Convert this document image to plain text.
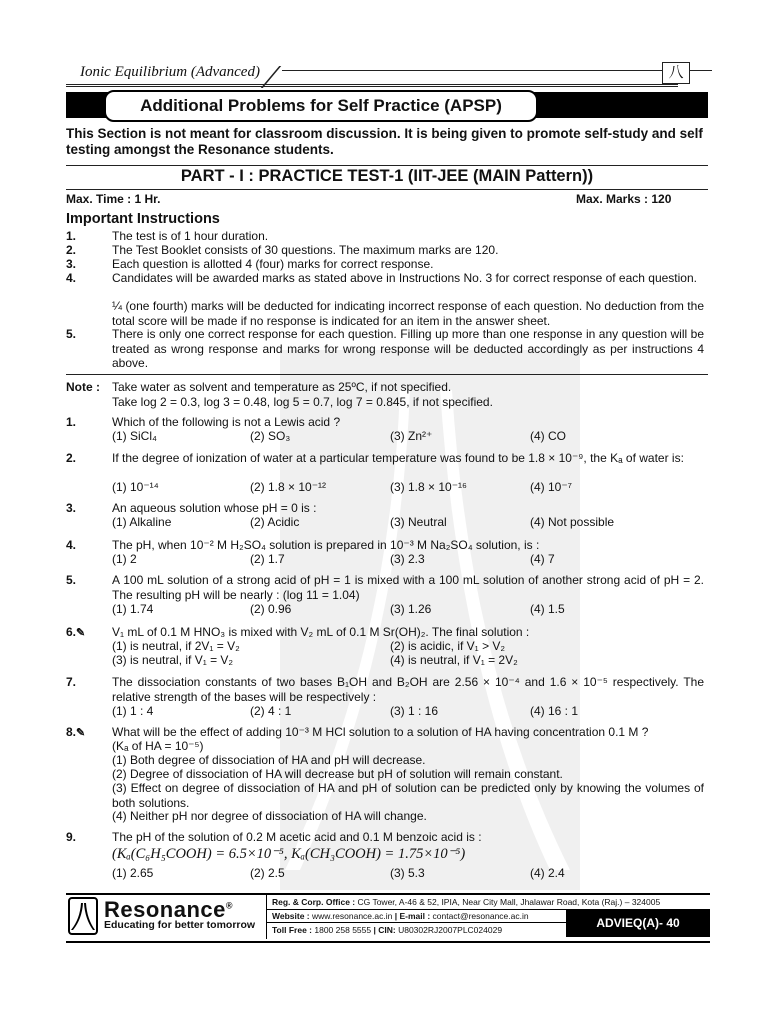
Ionic Equilibrium (Advanced)	八
Additional Problems for Self Practice (APSP)
This Section is not meant for classroom discussion. It is being given to promote self-study and self testing amongst the Resonance students.
PART - I : PRACTICE TEST-1 (IIT-JEE (MAIN Pattern))
Max. Time : 1 Hr.	Max. Marks : 120
Important Instructions
1.	The test is of 1 hour duration.
2.	The Test Booklet consists of 30 questions. The maximum marks are 120.
3.	Each question is allotted 4 (four) marks for correct response.
4.	Candidates will be awarded marks as stated above in Instructions No. 3 for correct response of each question.
¼ (one fourth) marks will be deducted for indicating incorrect response of each question. No deduction from the total score will be made if no response is indicated for an item in the answer sheet.
5.	There is only one correct response for each question. Filling up more than one response in any question will be treated as wrong response and marks for wrong response will be deducted accordingly as per instructions 4 above.
Note : Take water as solvent and temperature as 25ºC, if not specified.
Take log 2 = 0.3, log 3 = 0.48, log 5 = 0.7, log 7 = 0.845, if not specified.
1.	Which of the following is not a Lewis acid ?
(1) SiCl₄	(2) SO₃	(3) Zn²⁺	(4) CO
2.	If the degree of ionization of water at a particular temperature was found to be 1.8 × 10⁻⁹, the Kₐ of water is:
(1) 10⁻¹⁴	(2) 1.8 × 10⁻¹²	(3) 1.8 × 10⁻¹⁶	(4) 10⁻⁷
3.	An aqueous solution whose pH = 0 is :
(1) Alkaline	(2) Acidic	(3) Neutral	(4) Not possible
4.	The pH, when 10⁻² M H₂SO₄ solution is prepared in 10⁻³ M Na₂SO₄ solution, is :
(1) 2	(2) 1.7	(3) 2.3	(4) 7
5.	A 100 mL solution of a strong acid of pH = 1 is mixed with a 100 mL solution of another strong acid of pH = 2. The resulting pH will be nearly : (log 11 = 1.04)
(1) 1.74	(2) 0.96	(3) 1.26	(4) 1.5
6.✎ V₁ mL of 0.1 M HNO₃ is mixed with V₂ mL of 0.1 M Sr(OH)₂. The final solution :
(1) is neutral, if 2V₁ = V₂	(2) is acidic, if V₁ > V₂
(3) is neutral, if V₁ = V₂	(4) is neutral, if V₁ = 2V₂
7.	The dissociation constants of two bases B₁OH and B₂OH are 2.56 × 10⁻⁴ and 1.6 × 10⁻⁵ respectively. The relative strength of the bases will be respectively :
(1) 1 : 4	(2) 4 : 1	(3) 1 : 16	(4) 16 : 1
8.✎ What will be the effect of adding 10⁻³ M HCl solution to a solution of HA having concentration 0.1 M ?
(Kₐ of HA = 10⁻⁵)
(1) Both degree of dissociation of HA and pH will decrease.
(2) Degree of dissociation of HA will decrease but pH of solution will remain constant.
(3) Effect on degree of dissociation of HA and pH of solution can be predicted only by knowing the volumes of both solutions.
(4) Neither pH nor degree of dissociation of HA will change.
9.	The pH of the solution of 0.2 M acetic acid and 0.1 M benzoic acid is :
(Kₐ(C₆H₅COOH) = 6.5×10⁻⁵, Kₐ(CH₃COOH) = 1.75×10⁻⁵)
(1) 2.65	(2) 2.5	(3) 5.3	(4) 2.4
Resonance®
Educating for better tomorrow
Reg. & Corp. Office : CG Tower, A-46 & 52, IPIA, Near City Mall, Jhalawar Road, Kota (Raj.) – 324005
Website : www.resonance.ac.in | E-mail : contact@resonance.ac.in
Toll Free : 1800 258 5555 | CIN: U80302RJ2007PLC024029	ADVIEQ(A)- 40
